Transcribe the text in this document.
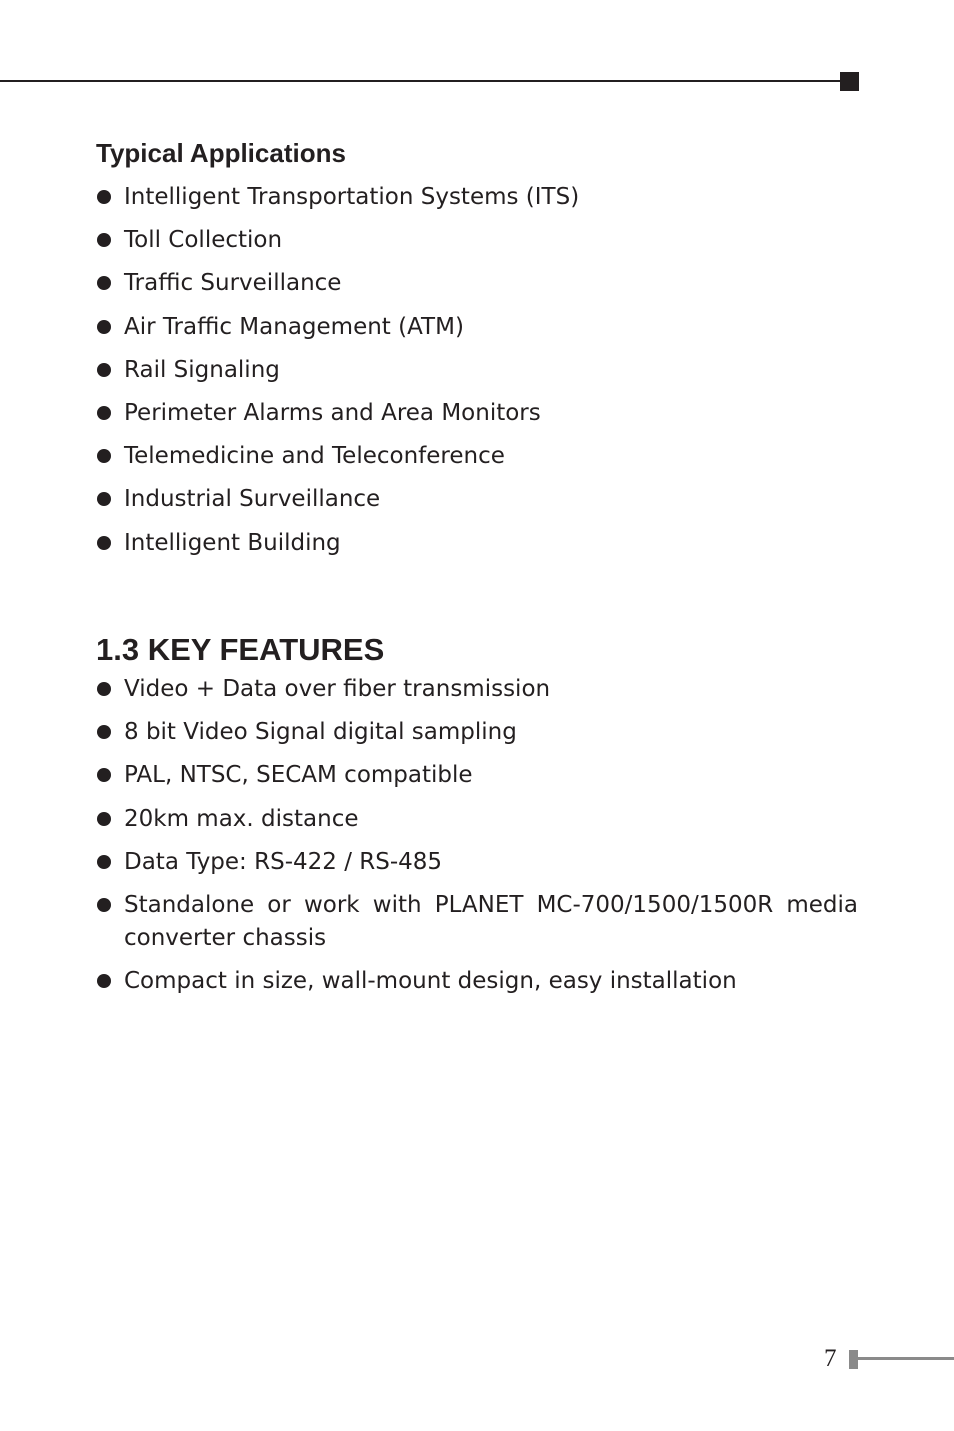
Typical Applications
Intelligent Transportation Systems (ITS)
Toll Collection
Traffic Surveillance
Air Traffic Management (ATM)
Rail Signaling
Perimeter Alarms and Area Monitors
Telemedicine and Teleconference
Industrial Surveillance
Intelligent Building
1.3 KEY FEATURES
Video + Data over fiber transmission
8 bit Video Signal digital sampling
PAL, NTSC, SECAM compatible
20km max. distance
Data Type: RS-422 / RS-485
Standalone or work with PLANET MC-700/1500/1500R media converter chassis
Compact in size, wall-mount design, easy installation
7
